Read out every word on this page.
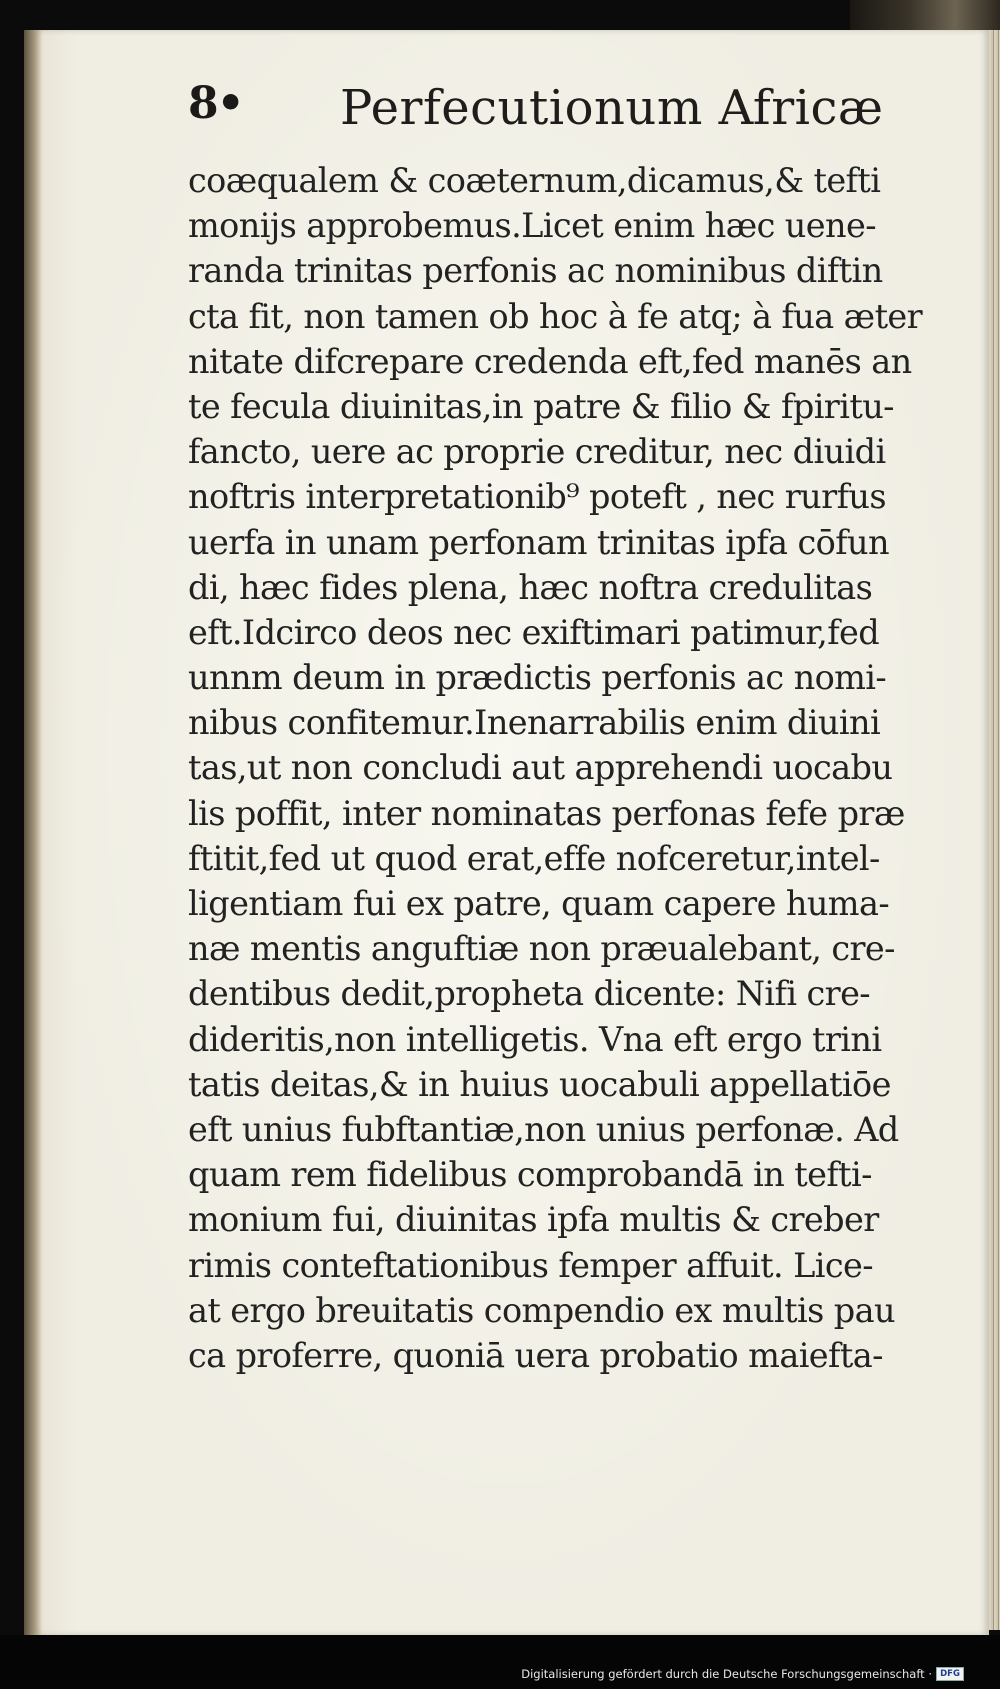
8• Perfecutionum Africæ
coæqualem & coæternum,dicamus,& tefti
monijs approbemus.Licet enim hæc uene-
randa trinitas perfonis ac nominibus diftin
cta fit, non tamen ob hoc à fe atq; à fua æter
nitate difcrepare credenda eft,fed manēs an
te fecula diuinitas,in patre & filio & fpiritu-
fancto, uere ac proprie creditur, nec diuidi
noftris interpretationib⁹ poteft , nec rurfus
uerfa in unam perfonam trinitas ipfa cōfun
di, hæc fides plena, hæc noftra credulitas
eft.Idcirco deos nec exiftimari patimur,fed
unnm deum in prædictis perfonis ac nomi-
nibus confitemur.Inenarrabilis enim diuini
tas,ut non concludi aut apprehendi uocabu
lis poffit, inter nominatas perfonas fefe præ
ftitit,fed ut quod erat,effe nofceretur,intel-
ligentiam fui ex patre, quam capere huma-
næ mentis anguftiæ non præualebant, cre-
dentibus dedit,propheta dicente: Nifi cre-
dideritis,non intelligetis. Vna eft ergo trini
tatis deitas,& in huius uocabuli appellatiōe
eft unius fubftantiæ,non unius perfonæ. Ad
quam rem fidelibus comprobandā in tefti-
monium fui, diuinitas ipfa multis & creber
rimis conteftationibus femper affuit. Lice-
at ergo breuitatis compendio ex multis pau
ca proferre, quoniā uera probatio maiefta-
Digitalisierung gefördert durch die Deutsche Forschungsgemeinschaft · DFG
